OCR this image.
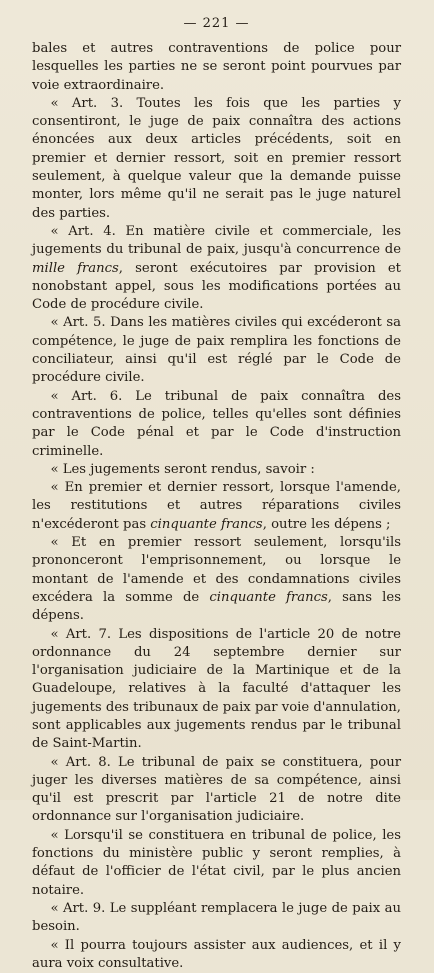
— 221 —

bales et autres contraventions de police pour lesquelles les parties ne se seront point pourvues par voie extraordinaire.

« Art. 3. Toutes les fois que les parties y consentiront, le juge de paix connaîtra des actions énoncées aux deux articles précédents, soit en premier et dernier ressort, soit en premier ressort seulement, à quelque valeur que la demande puisse monter, lors même qu'il ne serait pas le juge naturel des parties.

« Art. 4. En matière civile et commerciale, les jugements du tribunal de paix, jusqu'à concurrence de mille francs, seront exécutoires par provision et nonobstant appel, sous les modifications portées au Code de procédure civile.

« Art. 5. Dans les matières civiles qui excéderont sa compétence, le juge de paix remplira les fonctions de conciliateur, ainsi qu'il est réglé par le Code de procédure civile.

« Art. 6. Le tribunal de paix connaîtra des contraventions de police, telles qu'elles sont définies par le Code pénal et par le Code d'instruction criminelle.

« Les jugements seront rendus, savoir :

« En premier et dernier ressort, lorsque l'amende, les restitutions et autres réparations civiles n'excéderont pas cinquante francs, outre les dépens ;

« Et en premier ressort seulement, lorsqu'ils prononceront l'emprisonnement, ou lorsque le montant de l'amende et des condamnations civiles excédera la somme de cinquante francs, sans les dépens.

« Art. 7. Les dispositions de l'article 20 de notre ordonnance du 24 septembre dernier sur l'organisation judiciaire de la Martinique et de la Guadeloupe, relatives à la faculté d'attaquer les jugements des tribunaux de paix par voie d'annulation, sont applicables aux jugements rendus par le tribunal de Saint-Martin.

« Art. 8. Le tribunal de paix se constituera, pour juger les diverses matières de sa compétence, ainsi qu'il est prescrit par l'article 21 de notre dite ordonnance sur l'organisation judiciaire.

« Lorsqu'il se constituera en tribunal de police, les fonctions du ministère public y seront remplies, à défaut de l'officier de l'état civil, par le plus ancien notaire.

« Art. 9. Le suppléant remplacera le juge de paix au besoin.

« Il pourra toujours assister aux audiences, et il y aura voix consultative.
